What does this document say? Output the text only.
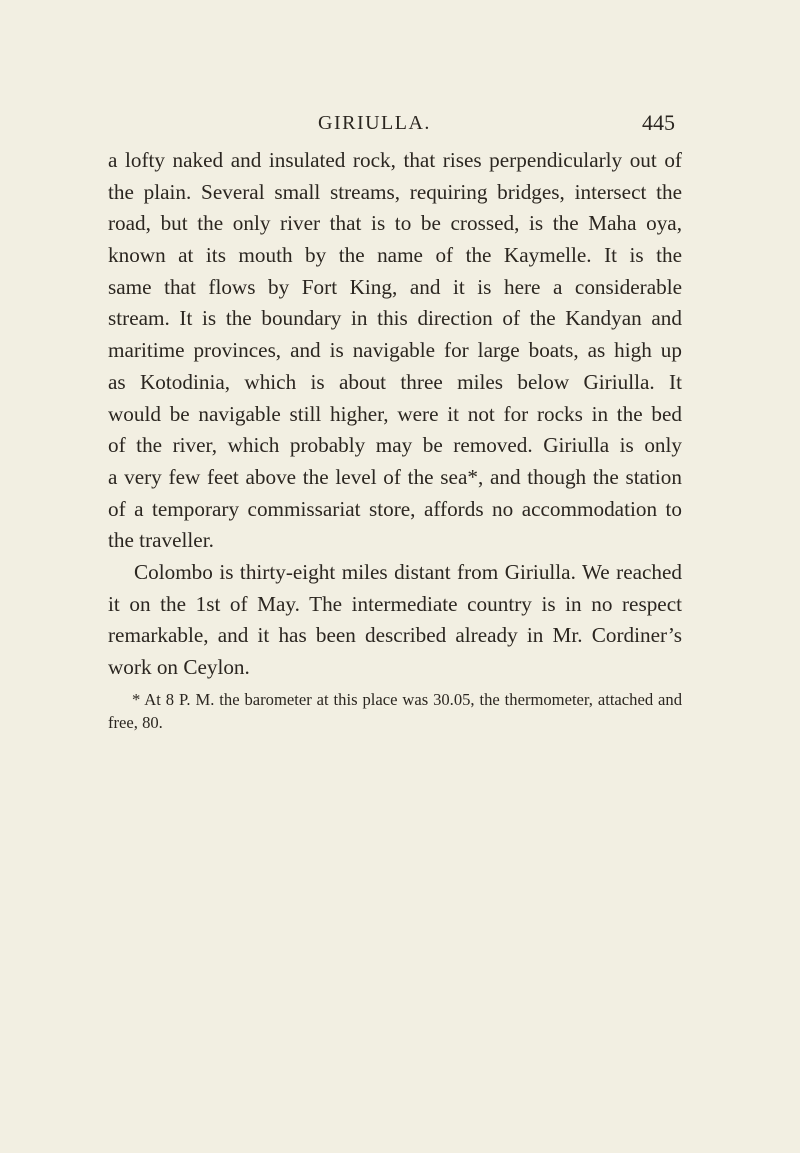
GIRIULLA.	445
a lofty naked and insulated rock, that rises perpendicularly out of
the plain. Several small streams, requiring bridges, intersect the
road, but the only river that is to be crossed, is the Maha oya,
known at its mouth by the name of the Kaymelle. It is the
same that flows by Fort King, and it is here a considerable
stream. It is the boundary in this direction of the Kandyan and
maritime provinces, and is navigable for large boats, as high up
as Kotodinia, which is about three miles below Giriulla. It
would be navigable still higher, were it not for rocks in the bed
of the river, which probably may be removed. Giriulla is only
a very few feet above the level of the sea*, and though the station
of a temporary commissariat store, affords no accommodation to
the traveller.
Colombo is thirty-eight miles distant from Giriulla. We reached
it on the 1st of May. The intermediate country is in no respect
remarkable, and it has been described already in Mr. Cordiner’s
work on Ceylon.
* At 8 P. M. the barometer at this place was 30.05, the thermometer, attached and
free, 80.
